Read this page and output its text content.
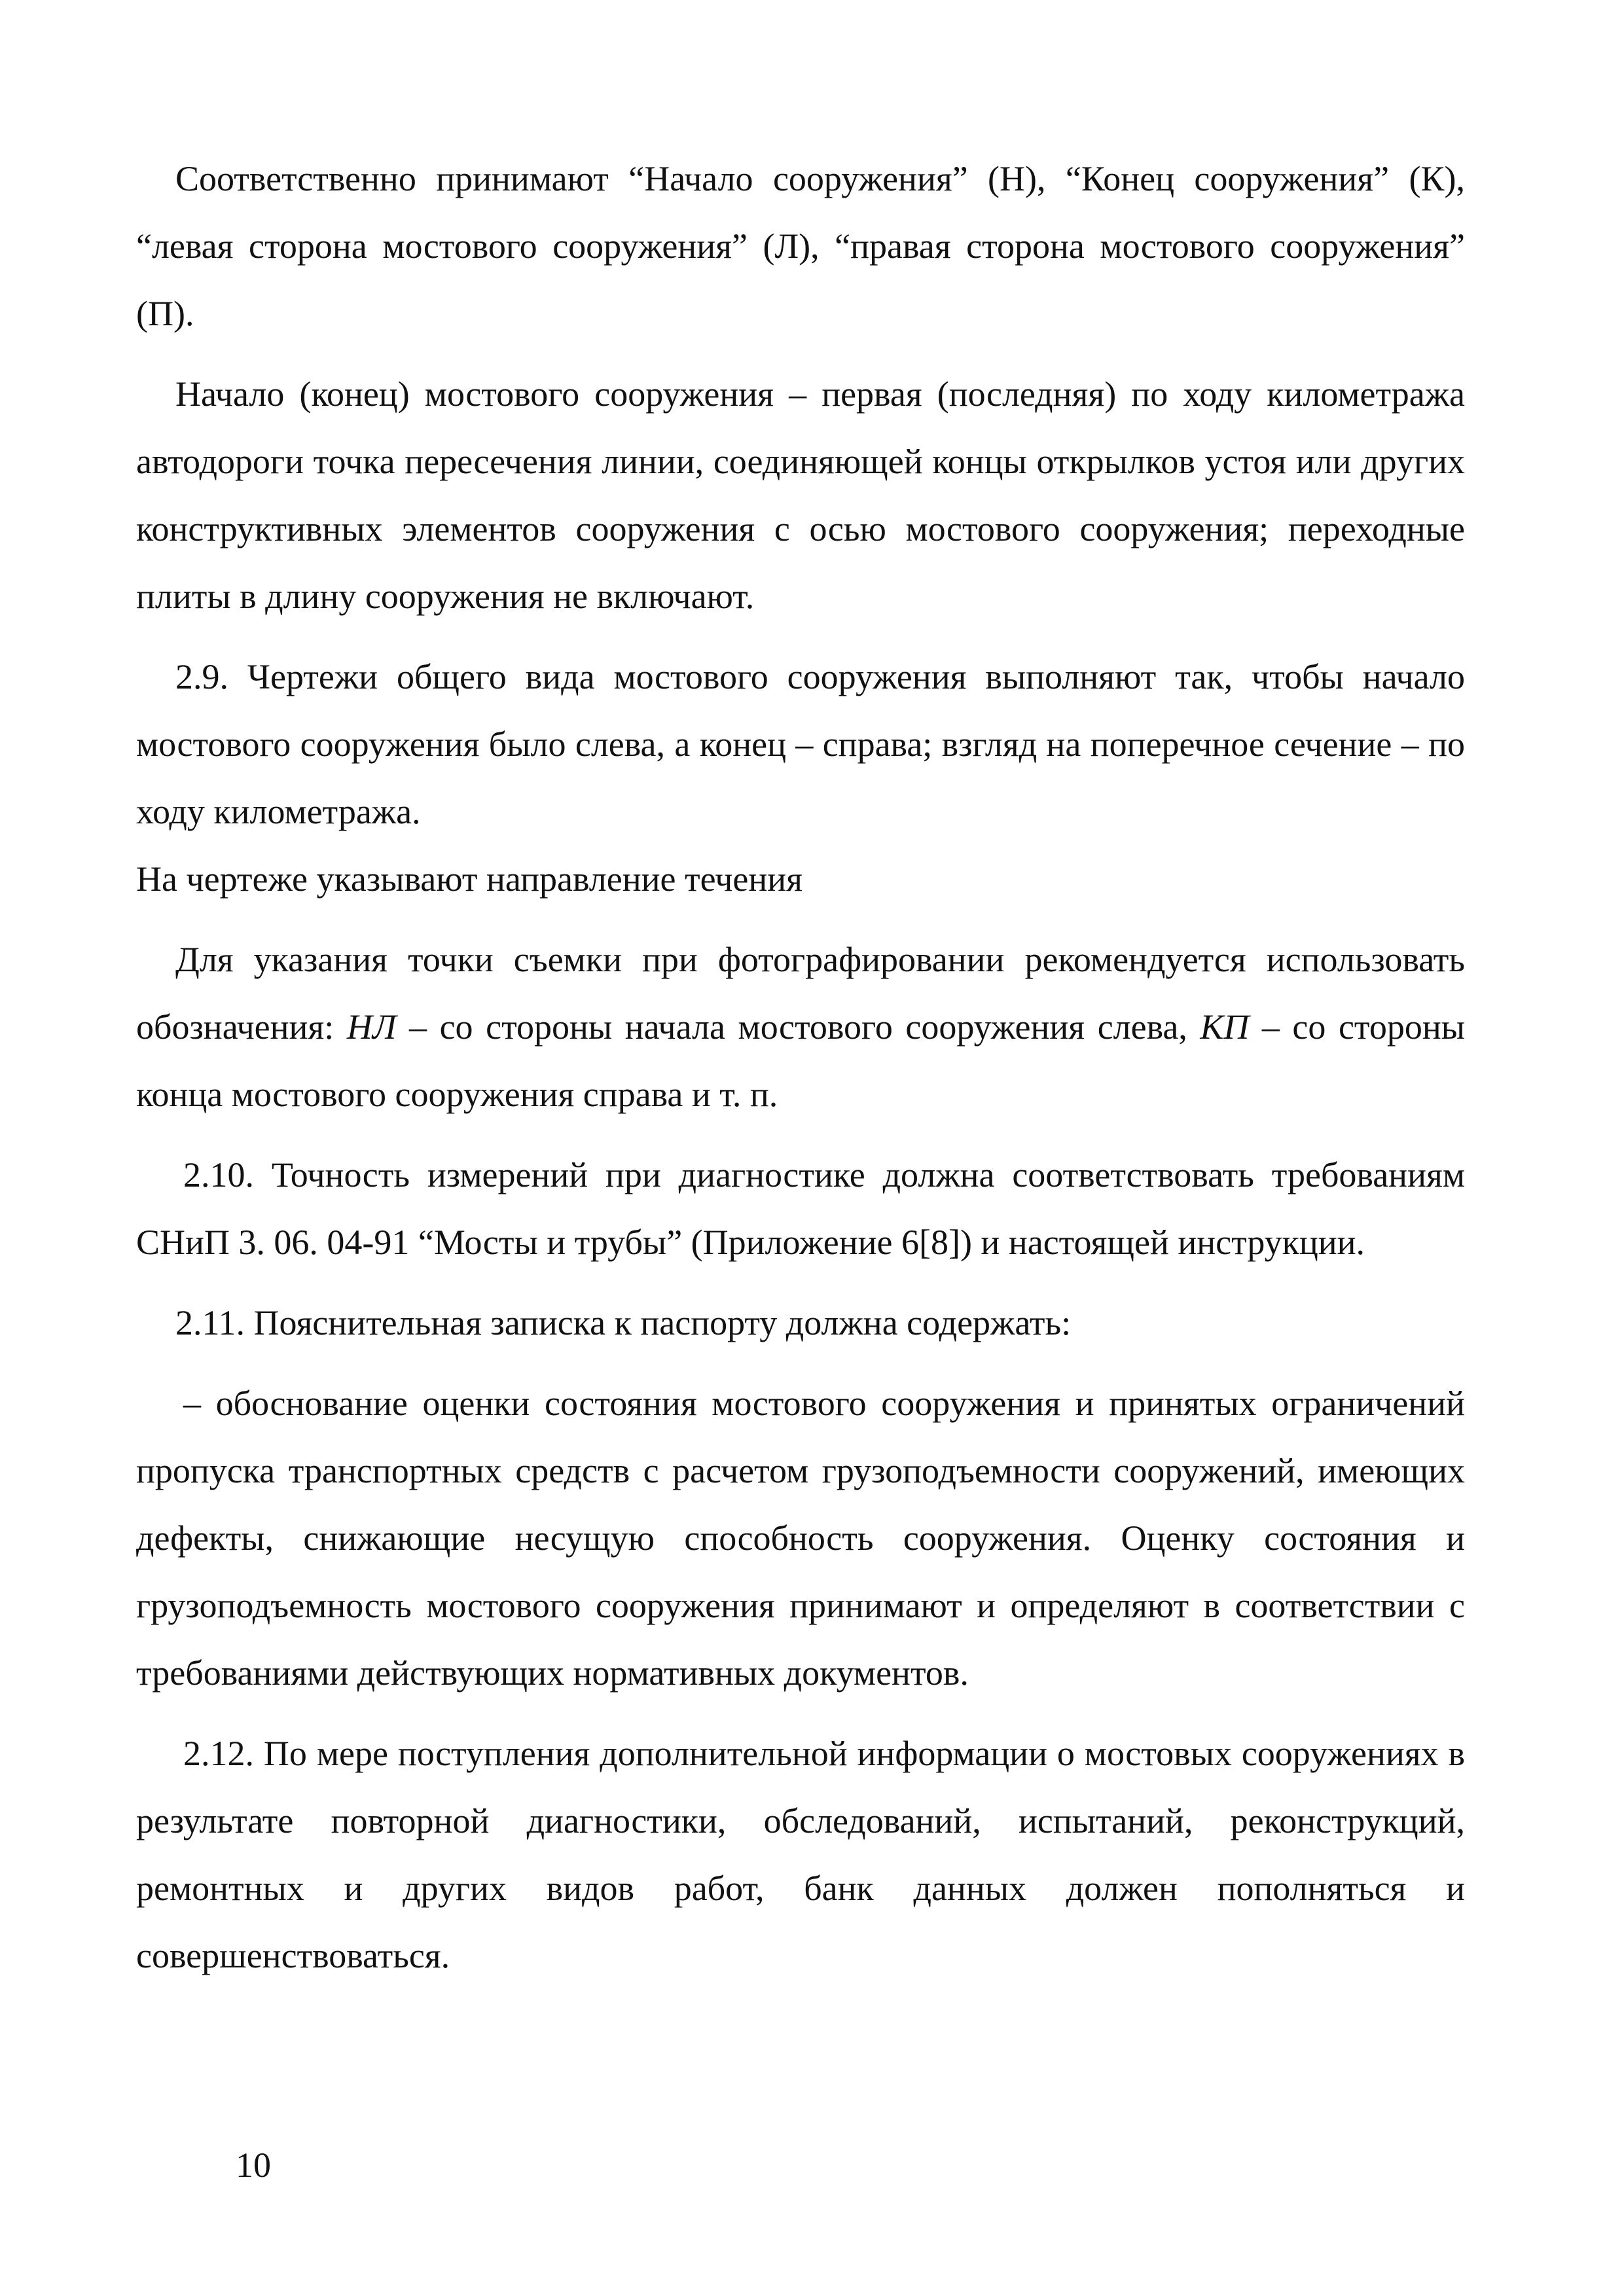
Соответственно принимают “Начало сооружения” (Н), “Конец сооружения” (К), “левая сторона мостового сооружения” (Л), “правая сторона мостового сооружения” (П).

Начало (конец) мостового сооружения – первая (последняя) по ходу километража автодороги точка пересечения линии, соединяющей концы открылков устоя или других конструктивных элементов сооружения с осью мостового сооружения; переходные плиты в длину сооружения не включают.

2.9. Чертежи общего вида мостового сооружения выполняют так, чтобы начало мостового сооружения было слева, а конец – справа; взгляд на поперечное сечение – по ходу километража.

На чертеже указывают направление течения

Для указания точки съемки при фотографировании рекомендуется использовать обозначения: НЛ – со стороны начала мостового сооружения слева, КП – со стороны конца мостового сооружения справа и т. п.

2.10. Точность измерений при диагностике должна соответствовать требованиям СНиП 3. 06. 04-91 “Мосты и трубы” (Приложение 6[8]) и настоящей инструкции.

2.11. Пояснительная записка к паспорту должна содержать:

– обоснование оценки состояния мостового сооружения и принятых ограничений пропуска транспортных средств с расчетом грузоподъемности сооружений, имеющих дефекты, снижающие несущую способность сооружения. Оценку состояния и грузоподъемность мостового сооружения принимают и определяют в соответствии с требованиями действующих нормативных документов.

2.12. По мере поступления дополнительной информации о мостовых сооружениях в результате повторной диагностики, обследований, испытаний, реконструкций, ремонтных и других видов работ, банк данных должен пополняться и совершенствоваться.

10
